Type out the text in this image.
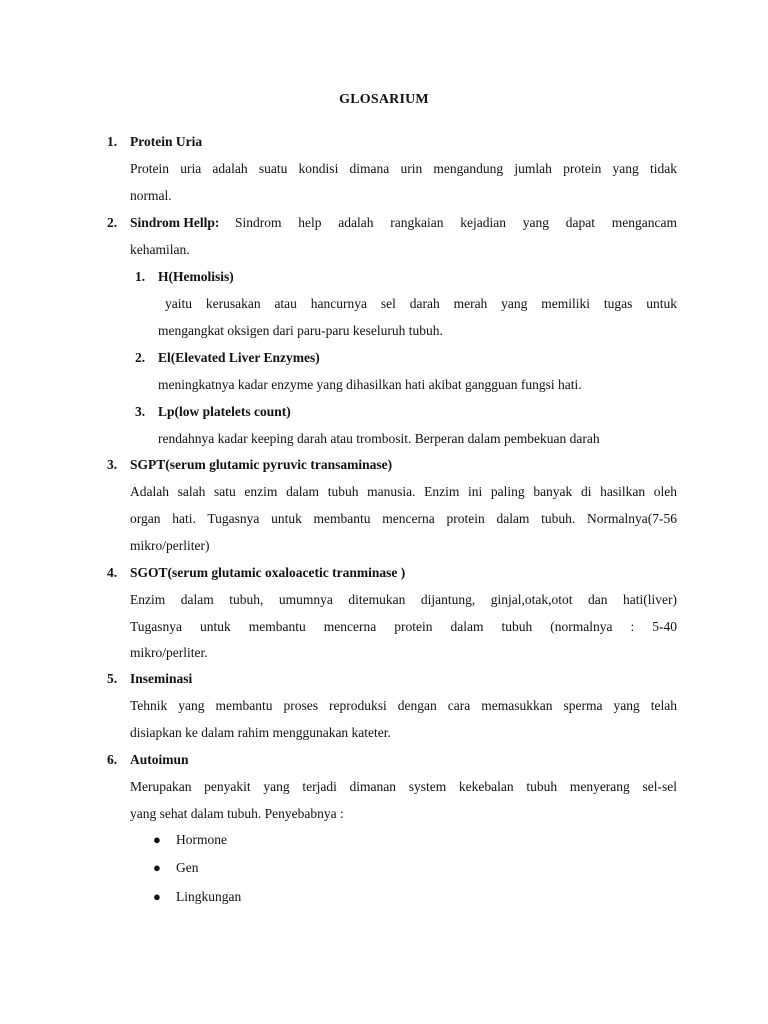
GLOSARIUM
1. Protein Uria
Protein uria adalah suatu kondisi dimana urin mengandung jumlah protein yang tidak
normal.
2. Sindrom Hellp: Sindrom help adalah rangkaian kejadian yang dapat mengancam
kehamilan.
1. H(Hemolisis)
yaitu kerusakan atau hancurnya sel darah merah yang memiliki tugas untuk
mengangkat oksigen dari paru-paru keseluruh tubuh.
2. El(Elevated Liver Enzymes)
meningkatnya kadar enzyme yang dihasilkan hati akibat gangguan fungsi hati.
3. Lp(low platelets count)
rendahnya kadar keeping darah atau trombosit. Berperan dalam pembekuan darah
3. SGPT(serum glutamic pyruvic transaminase)
Adalah salah satu enzim dalam tubuh manusia. Enzim ini paling banyak di hasilkan oleh
organ hati. Tugasnya untuk membantu mencerna protein dalam tubuh. Normalnya(7-56
mikro/perliter)
4. SGOT(serum glutamic oxaloacetic tranminase )
Enzim dalam tubuh, umumnya ditemukan dijantung, ginjal,otak,otot dan hati(liver)
Tugasnya untuk membantu mencerna protein dalam tubuh (normalnya : 5-40
mikro/perliter.
5. Inseminasi
Tehnik yang membantu proses reproduksi dengan cara memasukkan sperma yang telah
disiapkan ke dalam rahim menggunakan kateter.
6. Autoimun
Merupakan penyakit yang terjadi dimanan system kekebalan tubuh menyerang sel-sel
yang sehat dalam tubuh. Penyebabnya :
● Hormone
● Gen
● Lingkungan
